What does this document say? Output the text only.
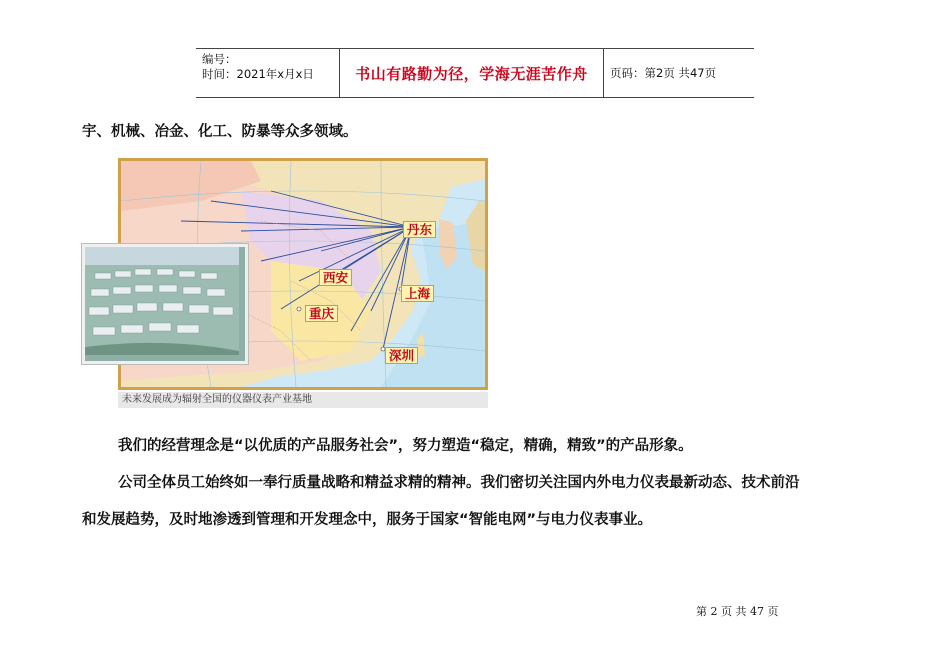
编号：
时间：2021年x月x日	书山有路勤为径，学海无涯苦作舟	页码：第2页 共47页
宇、机械、冶金、化工、防暴等众多领域。
丹东
西安
上海
重庆
深圳
未来发展成为辐射全国的仪器仪表产业基地
我们的经营理念是“以优质的产品服务社会”，努力塑造“稳定，精确，精致”的产品形象。
公司全体员工始终如一奉行质量战略和精益求精的精神。我们密切关注国内外电力仪表最新动态、技术前沿
和发展趋势，及时地渗透到管理和开发理念中，服务于国家“智能电网”与电力仪表事业。
第 2 页 共 47 页
